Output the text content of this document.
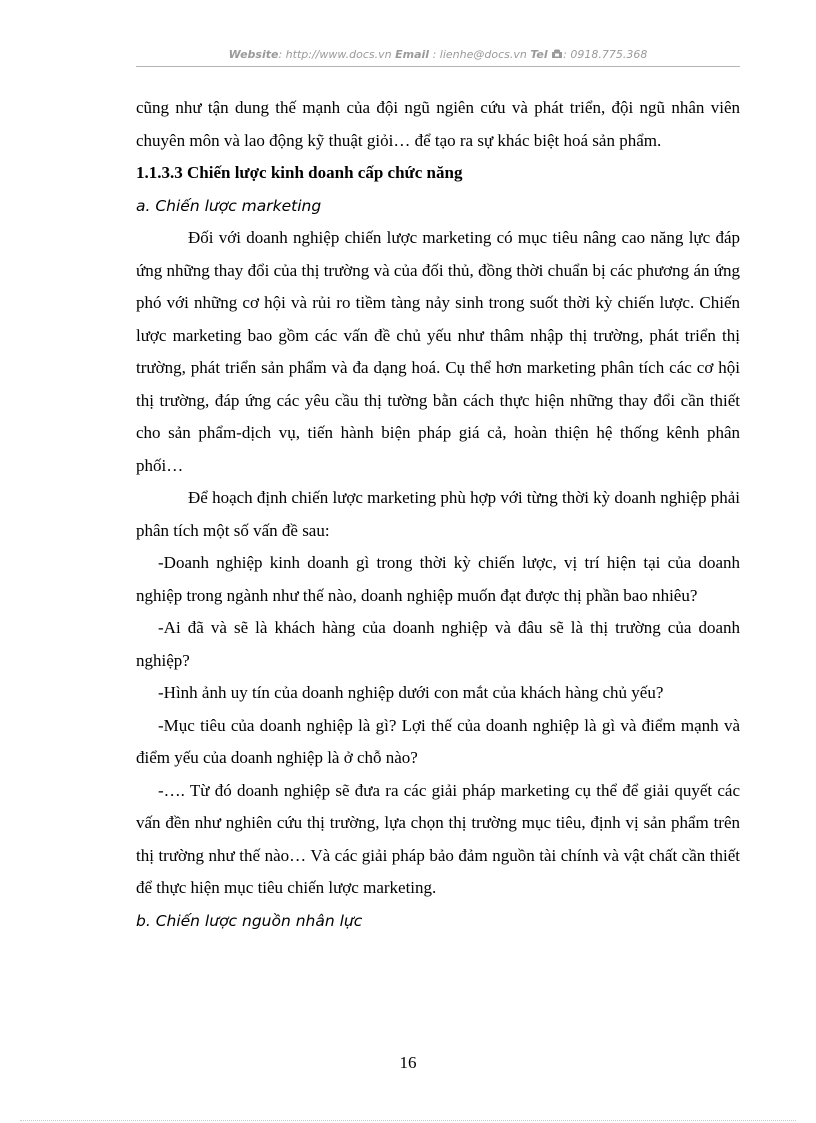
Website: http://www.docs.vn Email : lienhe@docs.vn Tel : 0918.775.368

cũng như tận dung thế mạnh của đội ngũ ngiên cứu và phát triển, đội ngũ nhân viên chuyên môn và lao động kỹ thuật giỏi… để tạo ra sự khác biệt hoá sản phẩm.

1.1.3.3 Chiến lược kinh doanh cấp chức năng

a. Chiến lược marketing

Đối với doanh nghiệp chiến lược marketing có mục tiêu nâng cao năng lực đáp ứng những thay đổi của thị trường và của đối thủ, đồng thời chuẩn bị các phương án ứng phó với những cơ hội và rủi ro tiềm tàng nảy sinh trong suốt thời kỳ chiến lược. Chiến lược marketing bao gồm các vấn đề chủ yếu như thâm nhập thị trường, phát triển thị trường, phát triển sản phẩm và đa dạng hoá. Cụ thể hơn marketing phân tích các cơ hội thị trường, đáp ứng các yêu cầu thị tường bằn cách thực hiện những thay đổi cần thiết cho sản phẩm-dịch vụ, tiến hành biện pháp giá cả, hoàn thiện hệ thống kênh phân phối…

Để hoạch định chiến lược marketing phù hợp với từng thời kỳ doanh nghiệp phải phân tích một số vấn đề sau:

-Doanh nghiệp kinh doanh gì trong thời kỳ chiến lược, vị trí hiện tại của doanh nghiệp trong ngành như thế nào, doanh nghiệp muốn đạt được thị phần bao nhiêu?

-Ai đã và sẽ là khách hàng của doanh nghiệp và đâu sẽ là thị trường của doanh nghiệp?

-Hình ảnh uy tín của doanh nghiệp dưới con mắt của khách hàng chủ yếu?

-Mục tiêu của doanh nghiệp là gì? Lợi thế của doanh nghiệp là gì và điểm mạnh và điểm yếu của doanh nghiệp là ở chỗ nào?

-…. Từ đó doanh nghiệp sẽ đưa ra các giải pháp marketing cụ thể để giải quyết các vấn đền như nghiên cứu thị trường, lựa chọn thị trường mục tiêu, định vị sản phẩm trên thị trường như thế nào… Và các giải pháp bảo đảm nguồn tài chính và vật chất cần thiết để thực hiện mục tiêu chiến lược marketing.

b. Chiến lược nguồn nhân lực

16
